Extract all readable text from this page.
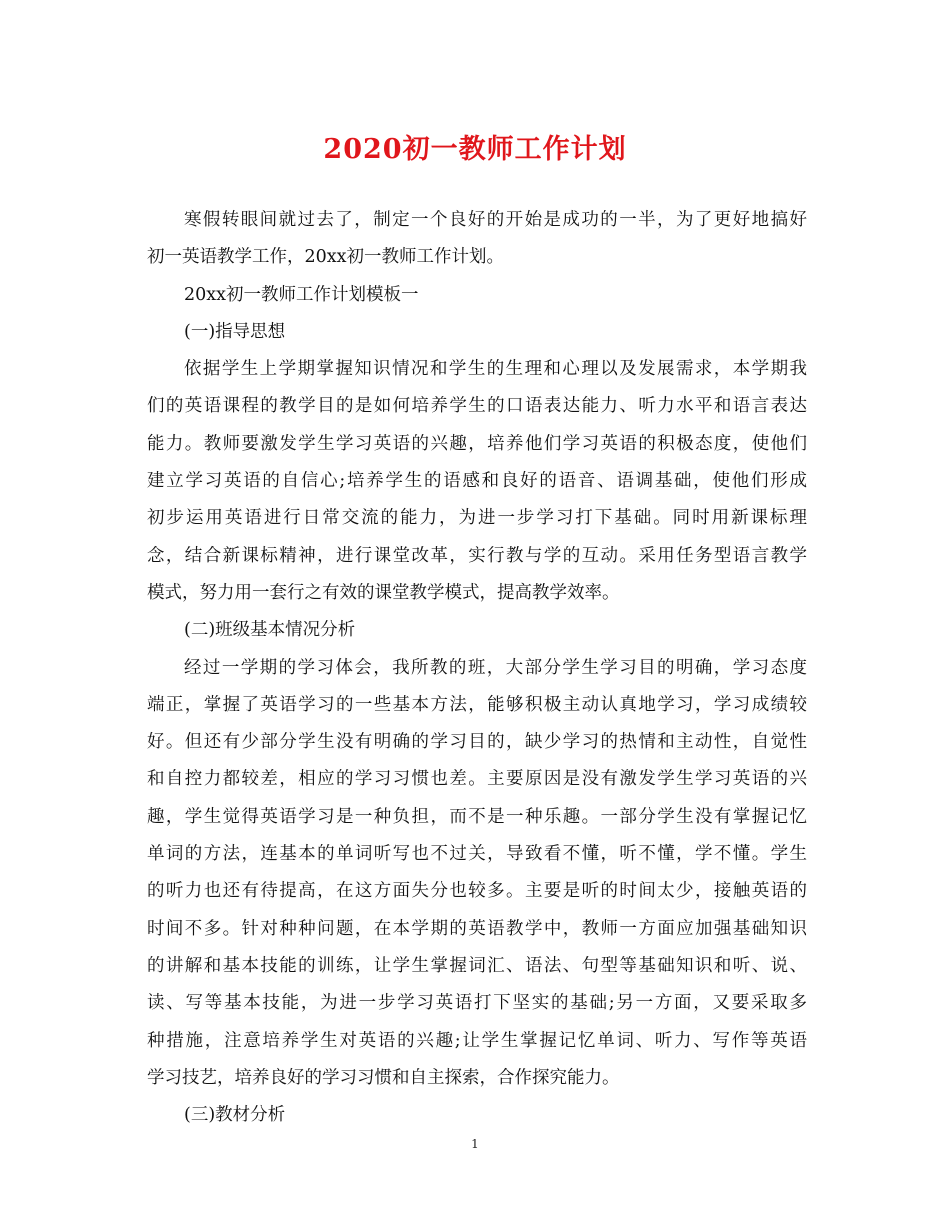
2020初一教师工作计划
寒假转眼间就过去了，制定一个良好的开始是成功的一半，为了更好地搞好
初一英语教学工作，20xx初一教师工作计划。
20xx初一教师工作计划模板一
(一)指导思想
依据学生上学期掌握知识情况和学生的生理和心理以及发展需求，本学期我
们的英语课程的教学目的是如何培养学生的口语表达能力、听力水平和语言表达
能力。教师要激发学生学习英语的兴趣，培养他们学习英语的积极态度，使他们
建立学习英语的自信心;培养学生的语感和良好的语音、语调基础，使他们形成
初步运用英语进行日常交流的能力，为进一步学习打下基础。同时用新课标理
念，结合新课标精神，进行课堂改革，实行教与学的互动。采用任务型语言教学
模式，努力用一套行之有效的课堂教学模式，提高教学效率。
(二)班级基本情况分析
经过一学期的学习体会，我所教的班，大部分学生学习目的明确，学习态度
端正，掌握了英语学习的一些基本方法，能够积极主动认真地学习，学习成绩较
好。但还有少部分学生没有明确的学习目的，缺少学习的热情和主动性，自觉性
和自控力都较差，相应的学习习惯也差。主要原因是没有激发学生学习英语的兴
趣，学生觉得英语学习是一种负担，而不是一种乐趣。一部分学生没有掌握记忆
单词的方法，连基本的单词听写也不过关，导致看不懂，听不懂，学不懂。学生
的听力也还有待提高，在这方面失分也较多。主要是听的时间太少，接触英语的
时间不多。针对种种问题，在本学期的英语教学中，教师一方面应加强基础知识
的讲解和基本技能的训练，让学生掌握词汇、语法、句型等基础知识和听、说、
读、写等基本技能，为进一步学习英语打下坚实的基础;另一方面，又要采取多
种措施，注意培养学生对英语的兴趣;让学生掌握记忆单词、听力、写作等英语
学习技艺，培养良好的学习习惯和自主探索，合作探究能力。
(三)教材分析
1
